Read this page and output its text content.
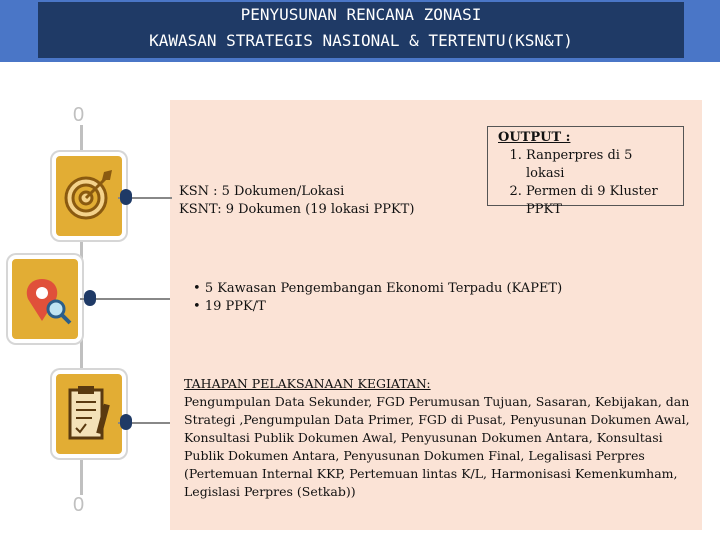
PENYUSUNAN RENCANA ZONASI
KAWASAN STRATEGIS NASIONAL & TERTENTU(KSN&T)
0
0
KSN : 5 Dokumen/Lokasi
KSNT: 9 Dokumen (19 lokasi PPKT)
OUTPUT :
1. Ranperpres di 5 lokasi
2. Permen di 9 Kluster PPKT
• 5 Kawasan Pengembangan Ekonomi Terpadu (KAPET)
• 19 PPK/T
TAHAPAN PELAKSANAAN KEGIATAN:
Pengumpulan Data Sekunder, FGD Perumusan Tujuan, Sasaran, Kebijakan, dan Strategi ,Pengumpulan Data Primer, FGD di Pusat, Penyusunan Dokumen Awal, Konsultasi Publik Dokumen Awal, Penyusunan Dokumen Antara, Konsultasi Publik Dokumen Antara, Penyusunan Dokumen Final, Legalisasi Perpres (Pertemuan Internal KKP, Pertemuan lintas K/L, Harmonisasi Kemenkumham, Legislasi Perpres (Setkab))
